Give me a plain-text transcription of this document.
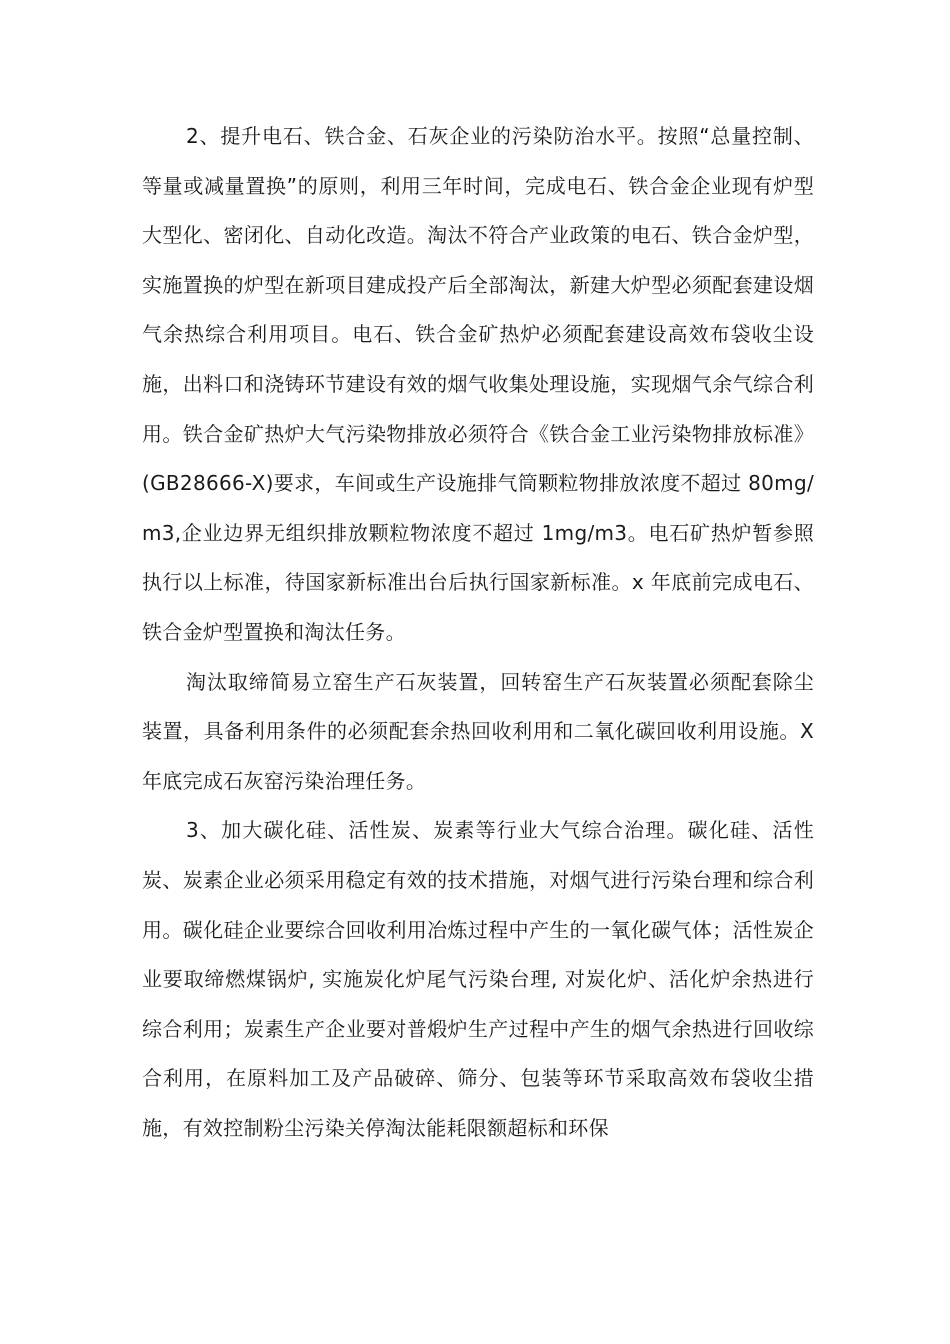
2、提升电石、铁合金、石灰企业的污染防治水平。按照“总量控制、等量或减量置换”的原则，利用三年时间，完成电石、铁合金企业现有炉型大型化、密闭化、自动化改造。淘汰不符合产业政策的电石、铁合金炉型，实施置换的炉型在新项目建成投产后全部淘汰，新建大炉型必须配套建设烟气余热综合利用项目。电石、铁合金矿热炉必须配套建设高效布袋收尘设施，出料口和浇铸环节建设有效的烟气收集处理设施，实现烟气余气综合利用。铁合金矿热炉大气污染物排放必须符合《铁合金工业污染物排放标准》(GB28666-X)要求，车间或生产设施排气筒颗粒物排放浓度不超过 80mg/m3,企业边界无组织排放颗粒物浓度不超过 1mg/m3。电石矿热炉暂参照执行以上标准，待国家新标准出台后执行国家新标准。x 年底前完成电石、铁合金炉型置换和淘汰任务。

淘汰取缔简易立窑生产石灰装置，回转窑生产石灰装置必须配套除尘装置，具备利用条件的必须配套余热回收利用和二氧化碳回收利用设施。X 年底完成石灰窑污染治理任务。

3、加大碳化硅、活性炭、炭素等行业大气综合治理。碳化硅、活性炭、炭素企业必须采用稳定有效的技术措施，对烟气进行污染台理和综合利用。碳化硅企业要综合回收利用冶炼过程中产生的一氧化碳气体；活性炭企业要取缔燃煤锅炉, 实施炭化炉尾气污染台理, 对炭化炉、活化炉余热进行综合利用；炭素生产企业要对普煅炉生产过程中产生的烟气余热进行回收综合利用，在原料加工及产品破碎、筛分、包装等环节采取高效布袋收尘措施，有效控制粉尘污染关停淘汰能耗限额超标和环保
